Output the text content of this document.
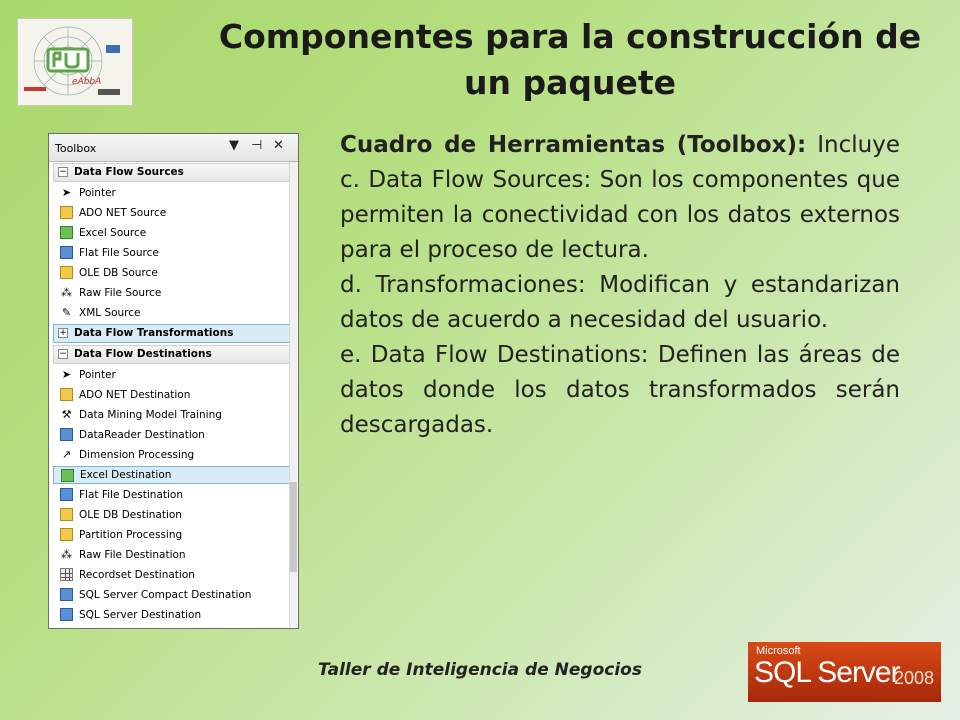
eAbbA
Componentes para la construcción de un paquete
Toolbox	▼ ⊣ ✕
− Data Flow Sources
➤ Pointer
ADO NET Source
Excel Source
Flat File Source
OLE DB Source
⁂ Raw File Source
✎ XML Source
+ Data Flow Transformations
− Data Flow Destinations
➤ Pointer
ADO NET Destination
⚒ Data Mining Model Training
DataReader Destination
↗ Dimension Processing
Excel Destination
Flat File Destination
OLE DB Destination
Partition Processing
⁂ Raw File Destination
Recordset Destination
SQL Server Compact Destination
SQL Server Destination

Cuadro de Herramientas (Toolbox): Incluye c. Data Flow Sources: Son los componentes que permiten la conectividad con los datos externos para el proceso de lectura.

d. Transformaciones: Modifican y estandarizan datos de acuerdo a necesidad del usuario.

e. Data Flow Destinations: Definen las áreas de datos donde los datos transformados serán descargadas.

Taller de Inteligencia de Negocios
Microsoft
SQL Server
2008
